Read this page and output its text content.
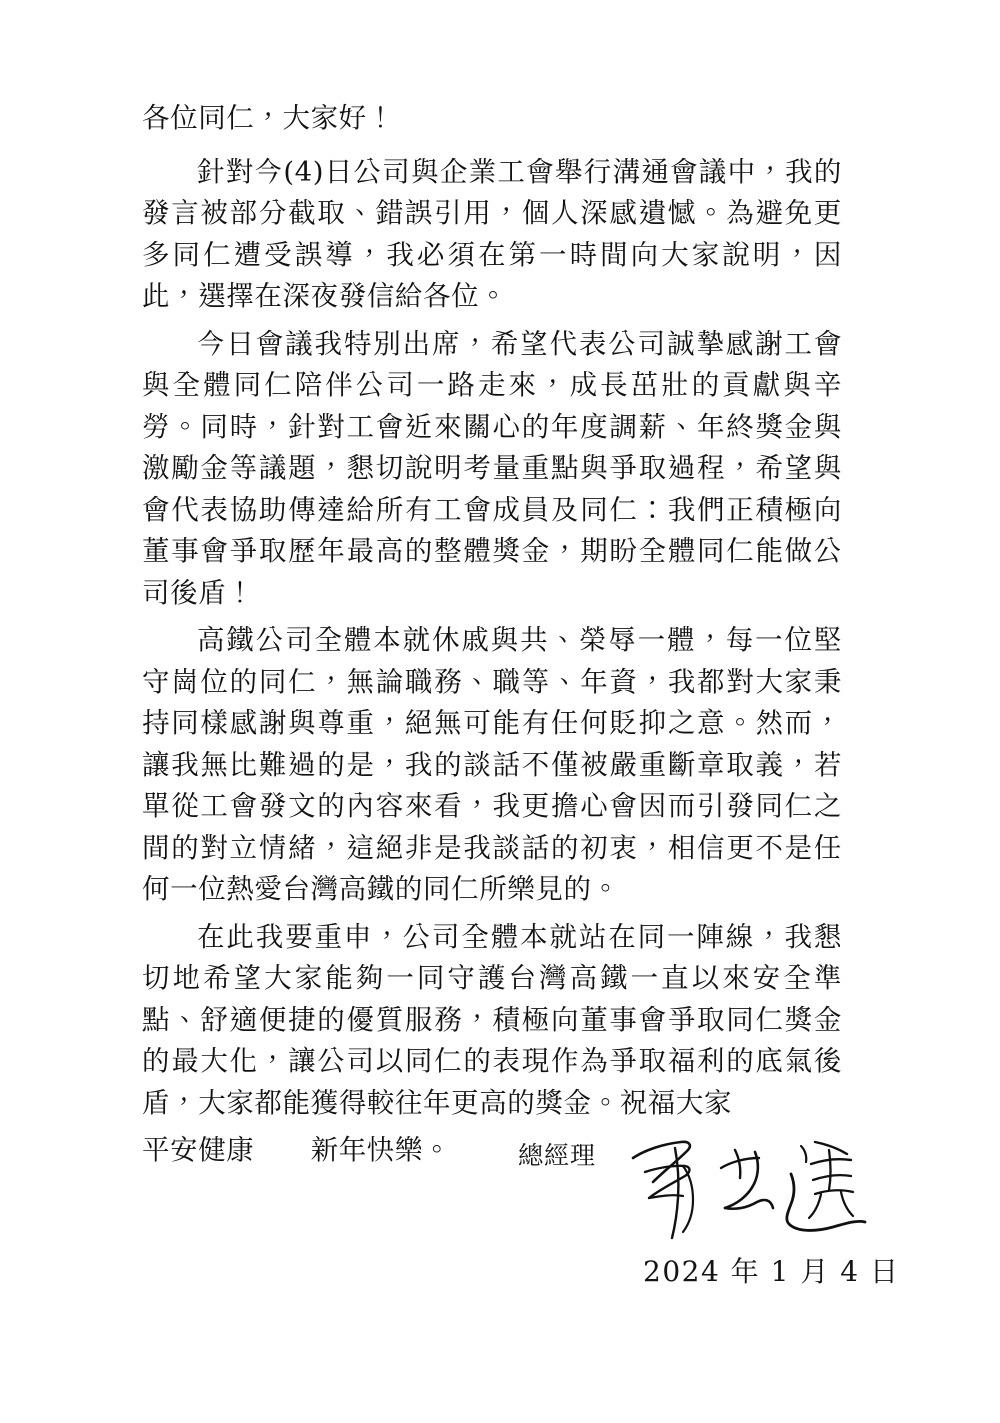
各位同仁，大家好！

針對今(4)日公司與企業工會舉行溝通會議中，我的發言被部分截取、錯誤引用，個人深感遺憾。為避免更多同仁遭受誤導，我必須在第一時間向大家說明，因此，選擇在深夜發信給各位。

今日會議我特別出席，希望代表公司誠摯感謝工會與全體同仁陪伴公司一路走來，成長茁壯的貢獻與辛勞。同時，針對工會近來關心的年度調薪、年終獎金與激勵金等議題，懇切說明考量重點與爭取過程，希望與會代表協助傳達給所有工會成員及同仁：我們正積極向董事會爭取歷年最高的整體獎金，期盼全體同仁能做公司後盾！

高鐵公司全體本就休戚與共、榮辱一體，每一位堅守崗位的同仁，無論職務、職等、年資，我都對大家秉持同樣感謝與尊重，絕無可能有任何貶抑之意。然而，讓我無比難過的是，我的談話不僅被嚴重斷章取義，若單從工會發文的內容來看，我更擔心會因而引發同仁之間的對立情緒，這絕非是我談話的初衷，相信更不是任何一位熱愛台灣高鐵的同仁所樂見的。

在此我要重申，公司全體本就站在同一陣線，我懇切地希望大家能夠一同守護台灣高鐵一直以來安全準點、舒適便捷的優質服務，積極向董事會爭取同仁獎金的最大化，讓公司以同仁的表現作為爭取福利的底氣後盾，大家都能獲得較往年更高的獎金。祝福大家

平安健康　　 新年快樂。	總經理
2024 年 1 月 4 日
